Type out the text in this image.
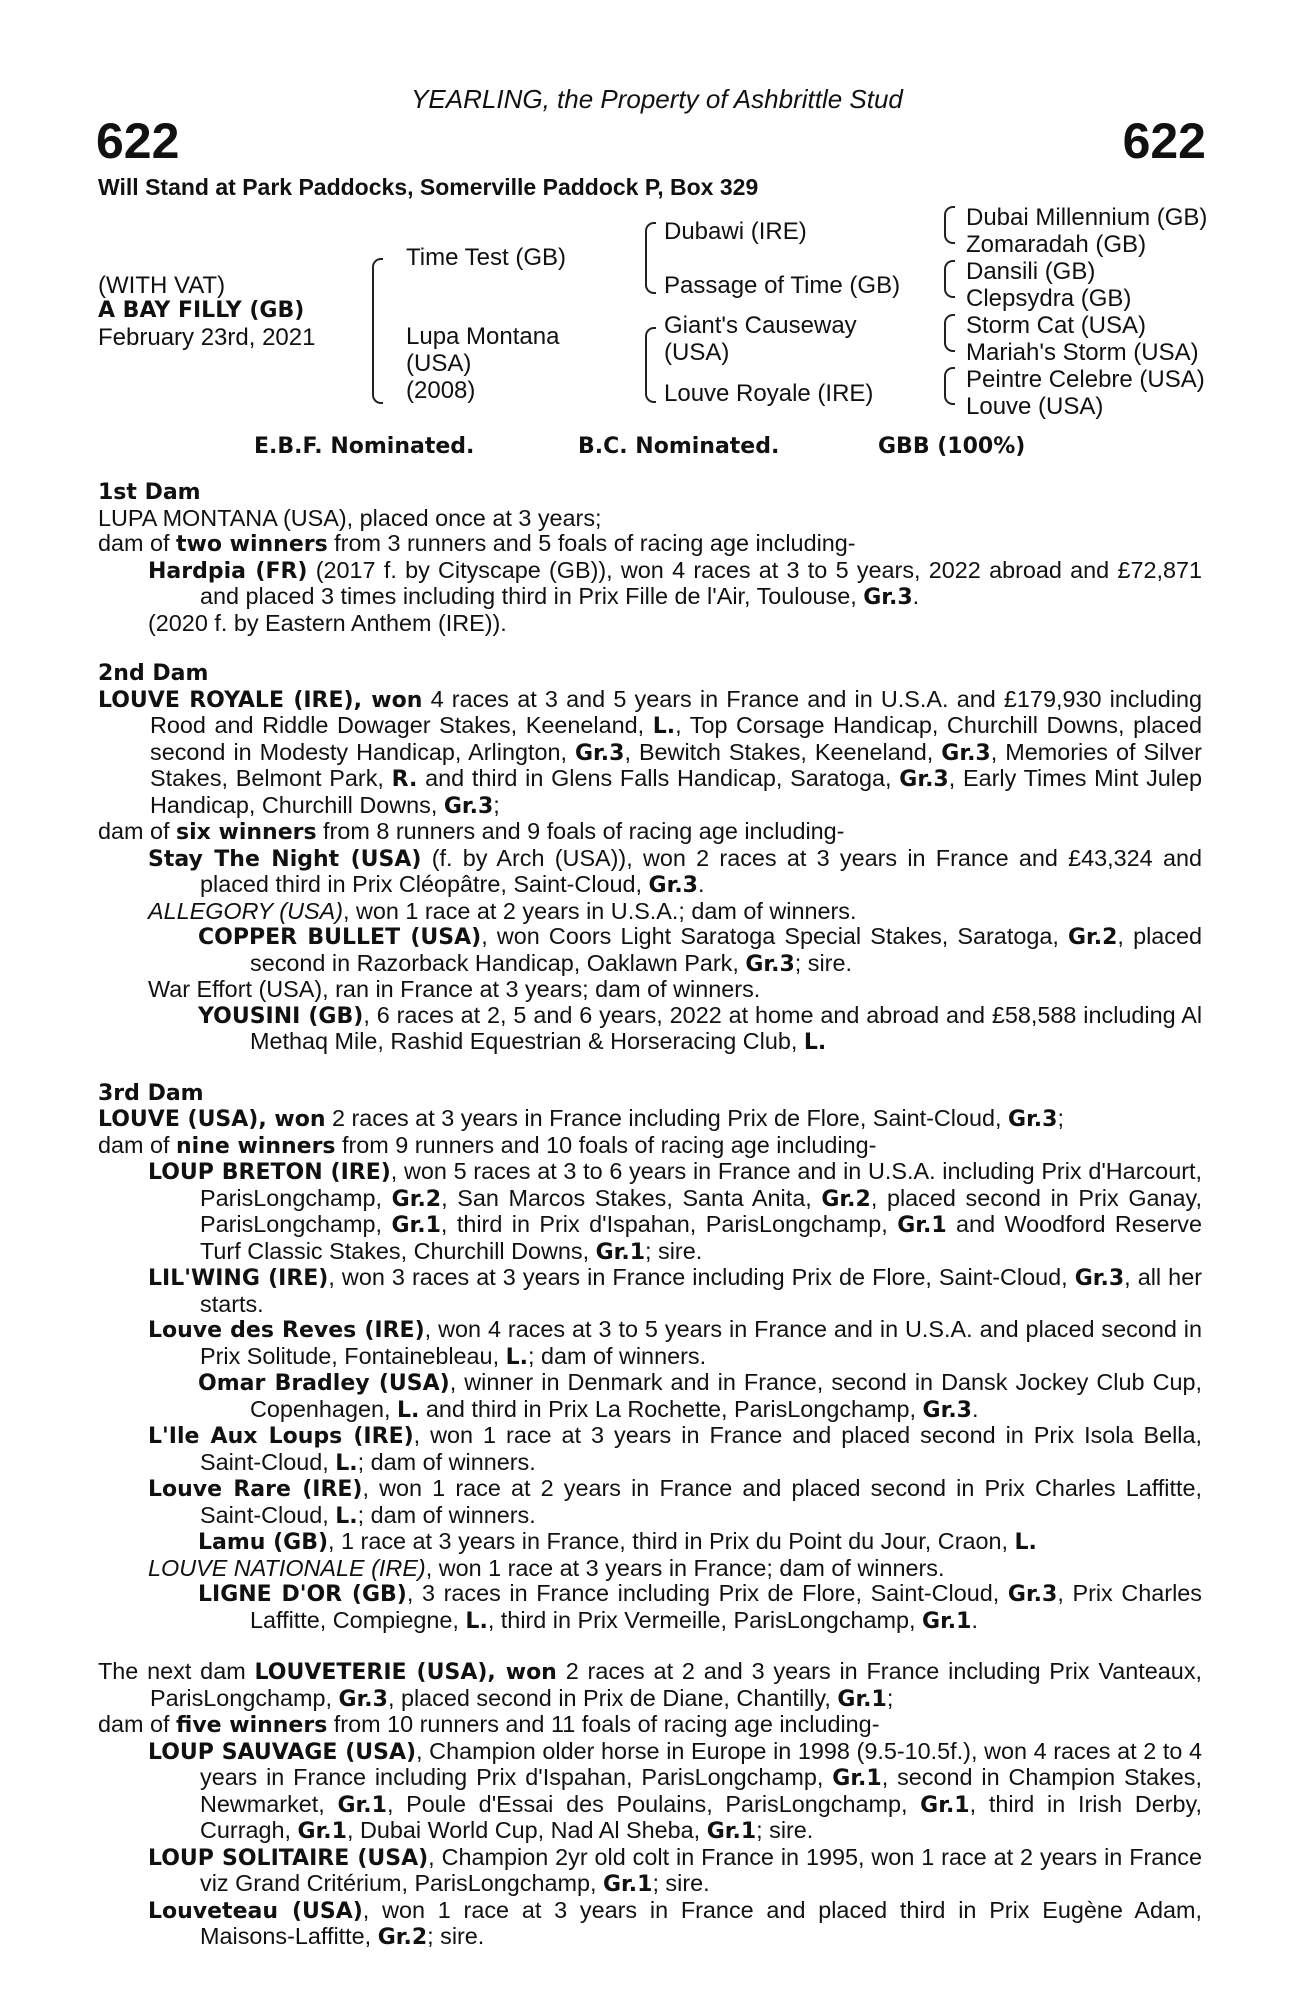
YEARLING, the Property of Ashbrittle Stud
622	622
Will Stand at Park Paddocks, Somerville Paddock P, Box 329
(WITH VAT)
A BAY FILLY (GB)
February 23rd, 2021
Time Test (GB)
Lupa Montana
(USA)
(2008)
Dubawi (IRE)
Passage of Time (GB)
Giant's Causeway
(USA)
Louve Royale (IRE)
Dubai Millennium (GB)
Zomaradah (GB)
Dansili (GB)
Clepsydra (GB)
Storm Cat (USA)
Mariah's Storm (USA)
Peintre Celebre (USA)
Louve (USA)
E.B.F. Nominated.	B.C. Nominated.	GBB (100%)
1st Dam
LUPA MONTANA (USA), placed once at 3 years;
dam of two winners from 3 runners and 5 foals of racing age including-
Hardpia (FR) (2017 f. by Cityscape (GB)), won 4 races at 3 to 5 years, 2022 abroad and £72,871 and placed 3 times including third in Prix Fille de l'Air, Toulouse, Gr.3.
(2020 f. by Eastern Anthem (IRE)).
2nd Dam
LOUVE ROYALE (IRE), won 4 races at 3 and 5 years in France and in U.S.A. and £179,930 including Rood and Riddle Dowager Stakes, Keeneland, L., Top Corsage Handicap, Churchill Downs, placed second in Modesty Handicap, Arlington, Gr.3, Bewitch Stakes, Keeneland, Gr.3, Memories of Silver Stakes, Belmont Park, R. and third in Glens Falls Handicap, Saratoga, Gr.3, Early Times Mint Julep Handicap, Churchill Downs, Gr.3;
dam of six winners from 8 runners and 9 foals of racing age including-
Stay The Night (USA) (f. by Arch (USA)), won 2 races at 3 years in France and £43,324 and placed third in Prix Cléopâtre, Saint-Cloud, Gr.3.
ALLEGORY (USA), won 1 race at 2 years in U.S.A.; dam of winners.
COPPER BULLET (USA), won Coors Light Saratoga Special Stakes, Saratoga, Gr.2, placed second in Razorback Handicap, Oaklawn Park, Gr.3; sire.
War Effort (USA), ran in France at 3 years; dam of winners.
YOUSINI (GB), 6 races at 2, 5 and 6 years, 2022 at home and abroad and £58,588 including Al Methaq Mile, Rashid Equestrian & Horseracing Club, L.
3rd Dam
LOUVE (USA), won 2 races at 3 years in France including Prix de Flore, Saint-Cloud, Gr.3;
dam of nine winners from 9 runners and 10 foals of racing age including-
LOUP BRETON (IRE), won 5 races at 3 to 6 years in France and in U.S.A. including Prix d'Harcourt, ParisLongchamp, Gr.2, San Marcos Stakes, Santa Anita, Gr.2, placed second in Prix Ganay, ParisLongchamp, Gr.1, third in Prix d'Ispahan, ParisLongchamp, Gr.1 and Woodford Reserve Turf Classic Stakes, Churchill Downs, Gr.1; sire.
LIL'WING (IRE), won 3 races at 3 years in France including Prix de Flore, Saint-Cloud, Gr.3, all her starts.
Louve des Reves (IRE), won 4 races at 3 to 5 years in France and in U.S.A. and placed second in Prix Solitude, Fontainebleau, L.; dam of winners.
Omar Bradley (USA), winner in Denmark and in France, second in Dansk Jockey Club Cup, Copenhagen, L. and third in Prix La Rochette, ParisLongchamp, Gr.3.
L'Ile Aux Loups (IRE), won 1 race at 3 years in France and placed second in Prix Isola Bella, Saint-Cloud, L.; dam of winners.
Louve Rare (IRE), won 1 race at 2 years in France and placed second in Prix Charles Laffitte, Saint-Cloud, L.; dam of winners.
Lamu (GB), 1 race at 3 years in France, third in Prix du Point du Jour, Craon, L.
LOUVE NATIONALE (IRE), won 1 race at 3 years in France; dam of winners.
LIGNE D'OR (GB), 3 races in France including Prix de Flore, Saint-Cloud, Gr.3, Prix Charles Laffitte, Compiegne, L., third in Prix Vermeille, ParisLongchamp, Gr.1.
The next dam LOUVETERIE (USA), won 2 races at 2 and 3 years in France including Prix Vanteaux, ParisLongchamp, Gr.3, placed second in Prix de Diane, Chantilly, Gr.1;
dam of five winners from 10 runners and 11 foals of racing age including-
LOUP SAUVAGE (USA), Champion older horse in Europe in 1998 (9.5-10.5f.), won 4 races at 2 to 4 years in France including Prix d'Ispahan, ParisLongchamp, Gr.1, second in Champion Stakes, Newmarket, Gr.1, Poule d'Essai des Poulains, ParisLongchamp, Gr.1, third in Irish Derby, Curragh, Gr.1, Dubai World Cup, Nad Al Sheba, Gr.1; sire.
LOUP SOLITAIRE (USA), Champion 2yr old colt in France in 1995, won 1 race at 2 years in France viz Grand Critérium, ParisLongchamp, Gr.1; sire.
Louveteau (USA), won 1 race at 3 years in France and placed third in Prix Eugène Adam, Maisons-Laffitte, Gr.2; sire.
